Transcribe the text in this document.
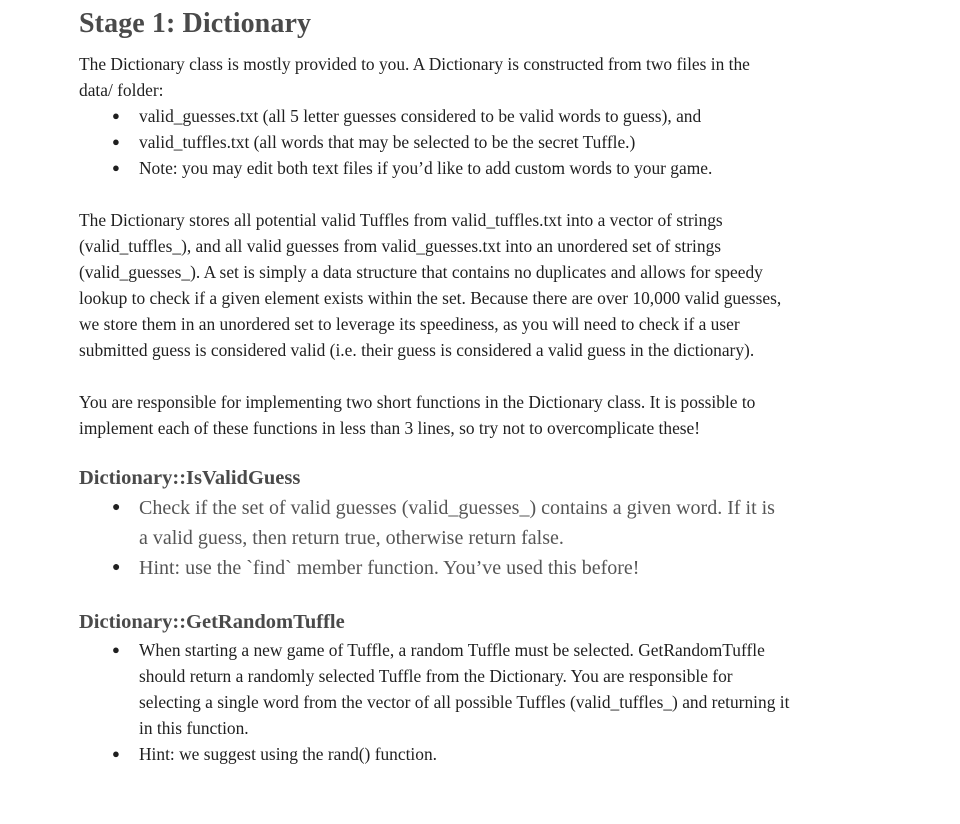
Stage 1: Dictionary

The Dictionary class is mostly provided to you. A Dictionary is constructed from two files in the
data/ folder:

● valid_guesses.txt (all 5 letter guesses considered to be valid words to guess), and
● valid_tuffles.txt (all words that may be selected to be the secret Tuffle.)
● Note: you may edit both text files if you’d like to add custom words to your game.

The Dictionary stores all potential valid Tuffles from valid_tuffles.txt into a vector of strings
(valid_tuffles_), and all valid guesses from valid_guesses.txt into an unordered set of strings
(valid_guesses_). A set is simply a data structure that contains no duplicates and allows for speedy
lookup to check if a given element exists within the set. Because there are over 10,000 valid guesses,
we store them in an unordered set to leverage its speediness, as you will need to check if a user
submitted guess is considered valid (i.e. their guess is considered a valid guess in the dictionary).

You are responsible for implementing two short functions in the Dictionary class. It is possible to
implement each of these functions in less than 3 lines, so try not to overcomplicate these!

Dictionary::IsValidGuess
● Check if the set of valid guesses (valid_guesses_) contains a given word. If it is
a valid guess, then return true, otherwise return false.
● Hint: use the `find` member function. You’ve used this before!
Dictionary::GetRandomTuffle
● When starting a new game of Tuffle, a random Tuffle must be selected. GetRandomTuffle
should return a randomly selected Tuffle from the Dictionary. You are responsible for
selecting a single word from the vector of all possible Tuffles (valid_tuffles_) and returning it
in this function.
● Hint: we suggest using the rand() function.
